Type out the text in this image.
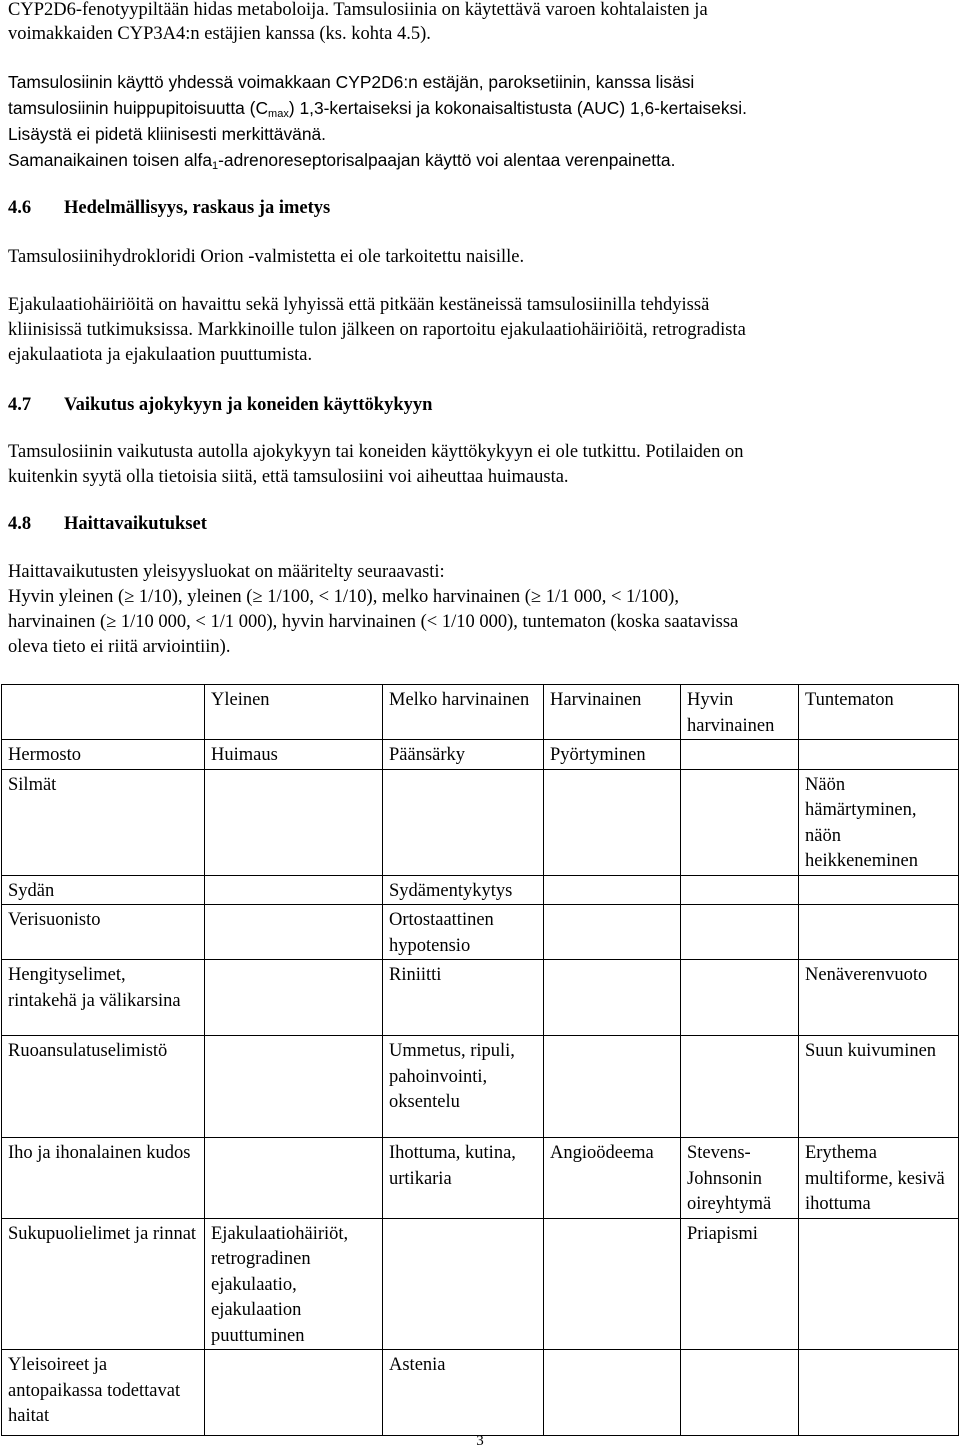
CYP2D6-fenotyypiltään hidas metaboloija. Tamsulosiinia on käytettävä varoen kohtalaisten ja
voimakkaiden CYP3A4:n estäjien kanssa (ks. kohta 4.5).
Tamsulosiinin käyttö yhdessä voimakkaan CYP2D6:n estäjän, paroksetiinin, kanssa lisäsi
tamsulosiinin huippupitoisuutta $(C_{max})$ 1,3-kertaiseksi ja kokonaisaltistusta (AUC) 1,6-kertaiseksi.
Lisäystä ei pidetä kliinisesti merkittävänä.
Samanaikainen toisen alfa$_1$-adrenoreseptorisalpaajan käyttö voi alentaa verenpainetta.
4.6 Hedelmällisyys, raskaus ja imetys
Tamsulosiinihydrokloridi Orion -valmistetta ei ole tarkoitettu naisille.
Ejakulaatiohäiriöitä on havaittu sekä lyhyissä että pitkään kestäneissä tamsulosiinilla tehdyissä
kliinisissä tutkimuksissa. Markkinoille tulon jälkeen on raportoitu ejakulaatiohäiriöitä, retrogradista
ejakulaatiota ja ejakulaation puuttumista.
4.7 Vaikutus ajokykyyn ja koneiden käyttökykyyn
Tamsulosiinin vaikutusta autolla ajokykyyn tai koneiden käyttökykyyn ei ole tutkittu. Potilaiden on
kuitenkin syytä olla tietoisia siitä, että tamsulosiini voi aiheuttaa huimausta.
4.8 Haittavaikutukset
Haittavaikutusten yleisyysluokat on määritelty seuraavasti:
Hyvin yleinen (≥ 1/10), yleinen (≥ 1/100, < 1/10), melko harvinainen (≥ 1/1 000, < 1/100),
harvinainen (≥ 1/10 000, < 1/1 000), hyvin harvinainen (< 1/10 000), tuntematon (koska saatavissa
oleva tieto ei riitä arviointiin).
	Yleinen	Melko harvinainen	Harvinainen	Hyvin harvinainen	Tuntematon
Hermosto	Huimaus	Päänsärky	Pyörtyminen		
Silmät					Näön hämärtyminen, näön heikkeneminen
Sydän		Sydämentykytys			
Verisuonisto		Ortostaattinen hypotensio			
Hengityselimet, rintakehä ja välikarsina		Riniitti			Nenäverenvuoto
Ruoansulatuselimistö		Ummetus, ripuli, pahoinvointi, oksentelu			Suun kuivuminen
Iho ja ihonalainen kudos		Ihottuma, kutina, urtikaria	Angioödeema	Stevens-Johnsonin oireyhtymä	Erythema multiforme, kesivä ihottuma
Sukupuolielimet ja rinnat	Ejakulaatiohäiriöt, retrogradinen ejakulaatio, ejakulaation puuttuminen			Priapismi	
Yleisoireet ja antopaikassa todettavat haitat		Astenia			
3
